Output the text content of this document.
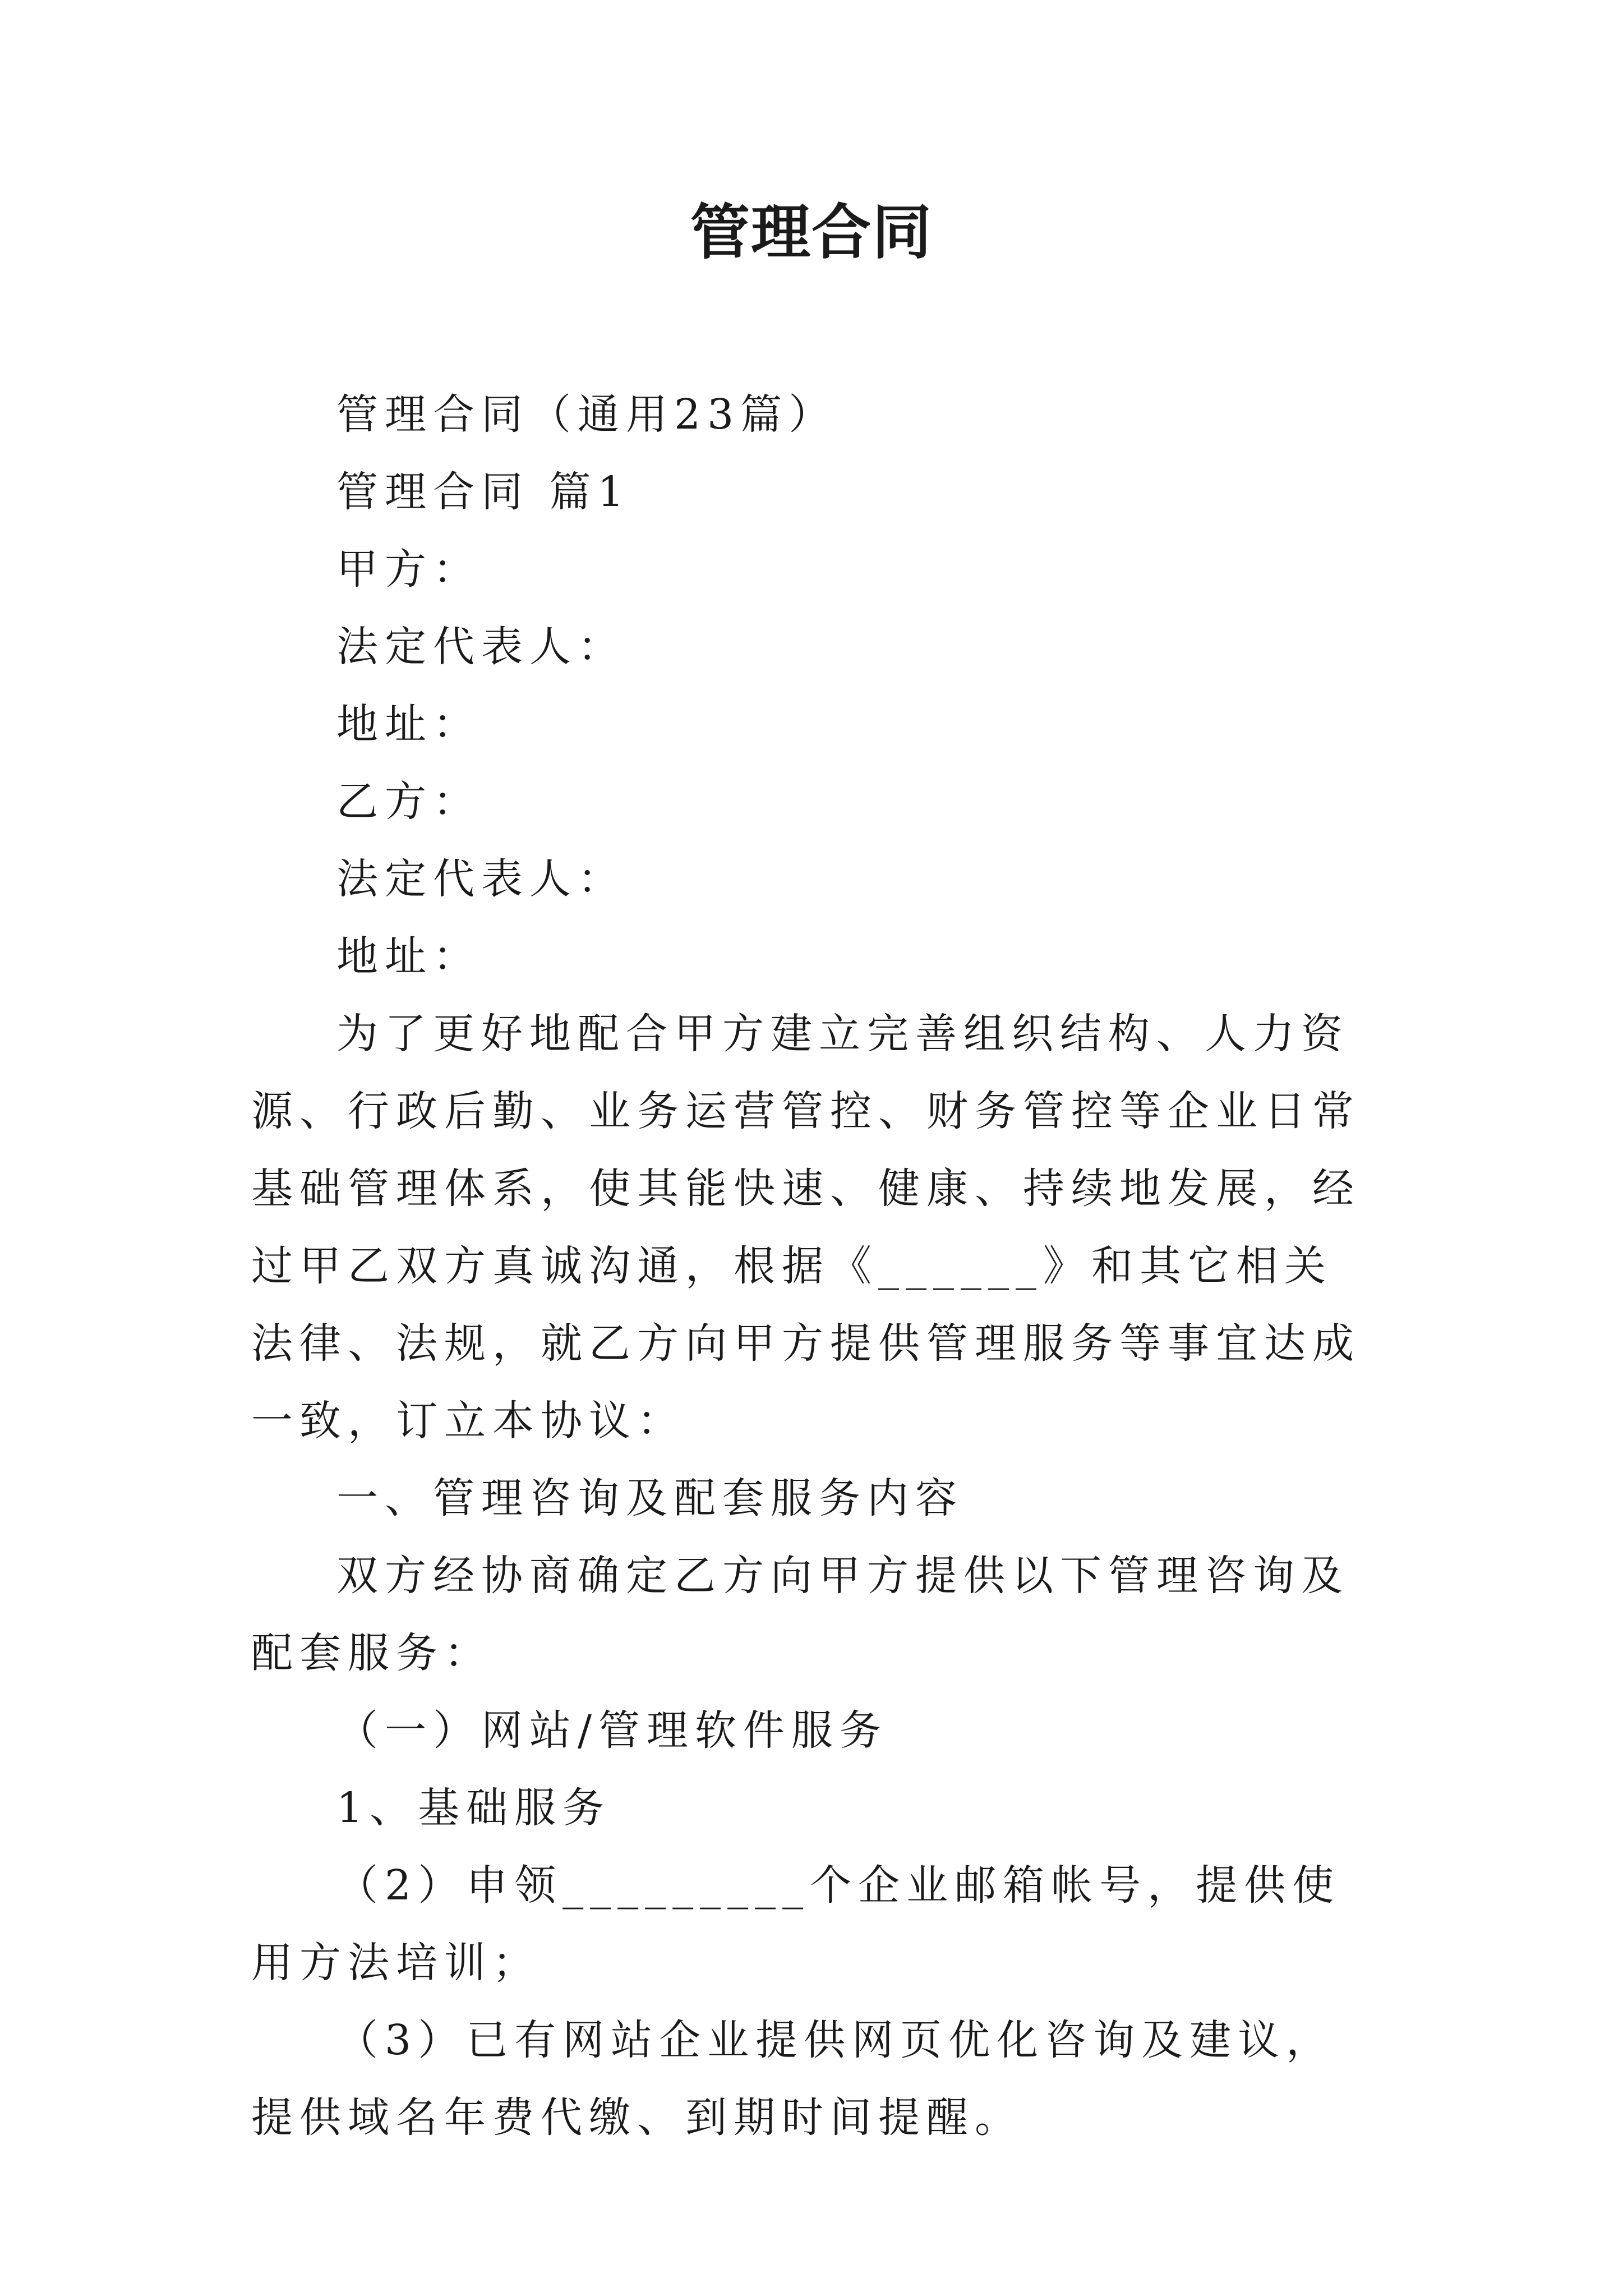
管理合同

管理合同（通用23篇）

管理合同 篇1

甲方：

法定代表人：

地址：

乙方：

法定代表人：

地址：

为了更好地配合甲方建立完善组织结构、人力资源、行政后勤、业务运营管控、财务管控等企业日常基础管理体系，使其能快速、健康、持续地发展，经过甲乙双方真诚沟通，根据《______》和其它相关法律、法规，就乙方向甲方提供管理服务等事宜达成一致，订立本协议：

一、管理咨询及配套服务内容

双方经协商确定乙方向甲方提供以下管理咨询及配套服务：

（一）网站/管理软件服务

1、基础服务

（2）申领_________个企业邮箱帐号，提供使用方法培训；

（3）已有网站企业提供网页优化咨询及建议，提供域名年费代缴、到期时间提醒。
